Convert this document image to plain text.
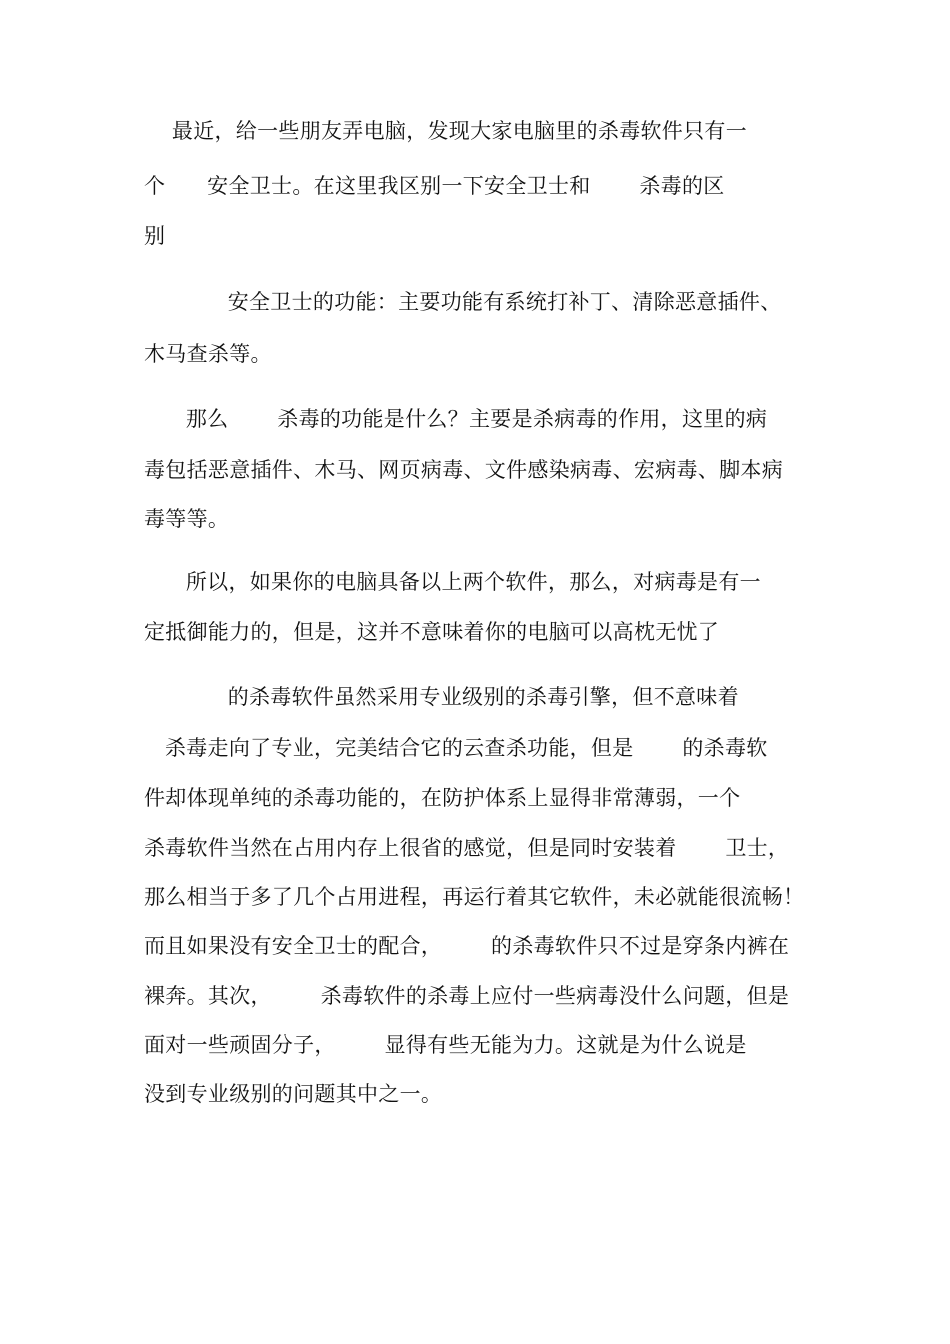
最近，给一些朋友弄电脑，发现大家电脑里的杀毒软件只有一
个      安全卫士。在这里我区别一下安全卫士和       杀毒的区
别
安全卫士的功能：主要功能有系统打补丁、清除恶意插件、
木马查杀等。
那么       杀毒的功能是什么？主要是杀病毒的作用，这里的病
毒包括恶意插件、木马、网页病毒、文件感染病毒、宏病毒、脚本病
毒等等。
所以，如果你的电脑具备以上两个软件，那么，对病毒是有一
定抵御能力的，但是，这并不意味着你的电脑可以高枕无忧了
的杀毒软件虽然采用专业级别的杀毒引擎，但不意味着
杀毒走向了专业，完美结合它的云查杀功能，但是       的杀毒软
件却体现单纯的杀毒功能的，在防护体系上显得非常薄弱，一个
杀毒软件当然在占用内存上很省的感觉，但是同时安装着       卫士，
那么相当于多了几个占用进程，再运行着其它软件，未必就能很流畅！
而且如果没有安全卫士的配合，       的杀毒软件只不过是穿条内裤在
裸奔。其次，       杀毒软件的杀毒上应付一些病毒没什么问题，但是
面对一些顽固分子，       显得有些无能为力。这就是为什么说是
没到专业级别的问题其中之一。
